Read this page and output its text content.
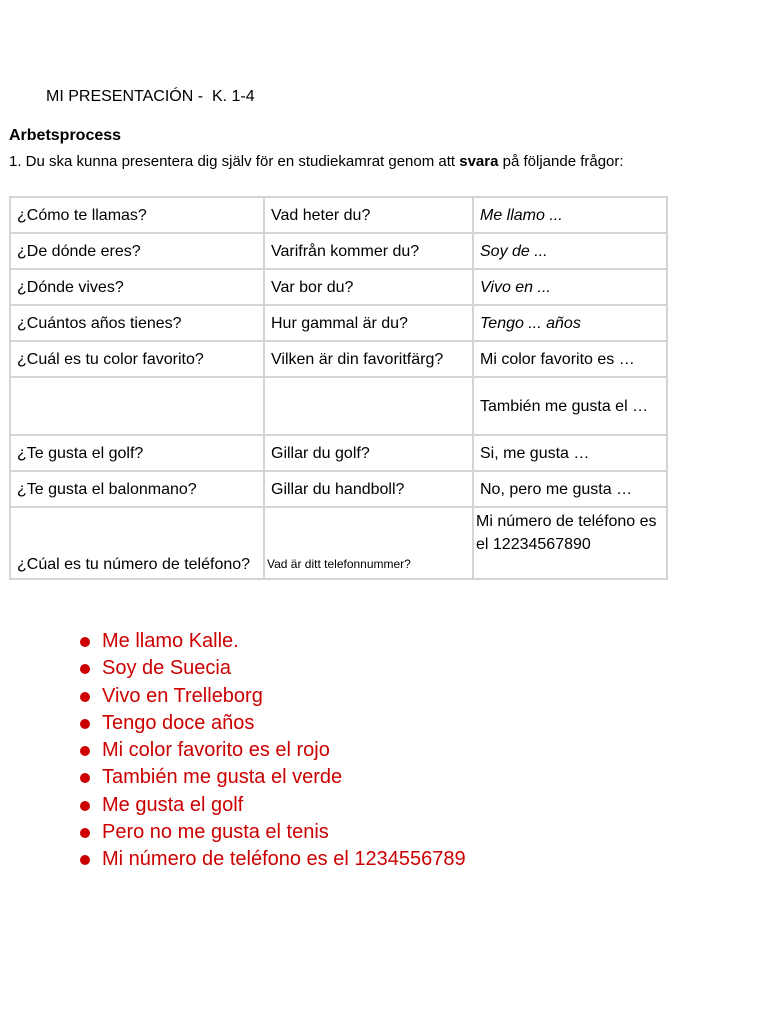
MI PRESENTACIÓN -  K. 1-4
Arbetsprocess
1. Du ska kunna presentera dig själv för en studiekamrat genom att svara på följande frågor:
¿Cómo te llamas?	Vad heter du?	Me llamo ...
¿De dónde eres?	Varifrån kommer du?	Soy de ...
¿Dónde vives?	Var bor du?	Vivo en ...
¿Cuántos años tienes?	Hur gammal är du?	Tengo ... años
¿Cuál es tu color favorito?	Vilken är din favoritfärg?	Mi color favorito es …
		También me gusta el …
¿Te gusta el golf?	Gillar du golf?	Si, me gusta …
¿Te gusta el balonmano?	Gillar du handboll?	No, pero me gusta …
¿Cúal es tu número de teléfono?	Vad är ditt telefonnummer?	Mi número de teléfono es el 12234567890
Me llamo Kalle.
Soy de Suecia
Vivo en Trelleborg
Tengo doce años
Mi color favorito es el rojo
También me gusta el verde
Me gusta el golf
Pero no me gusta el tenis
Mi número de teléfono es el 1234556789
